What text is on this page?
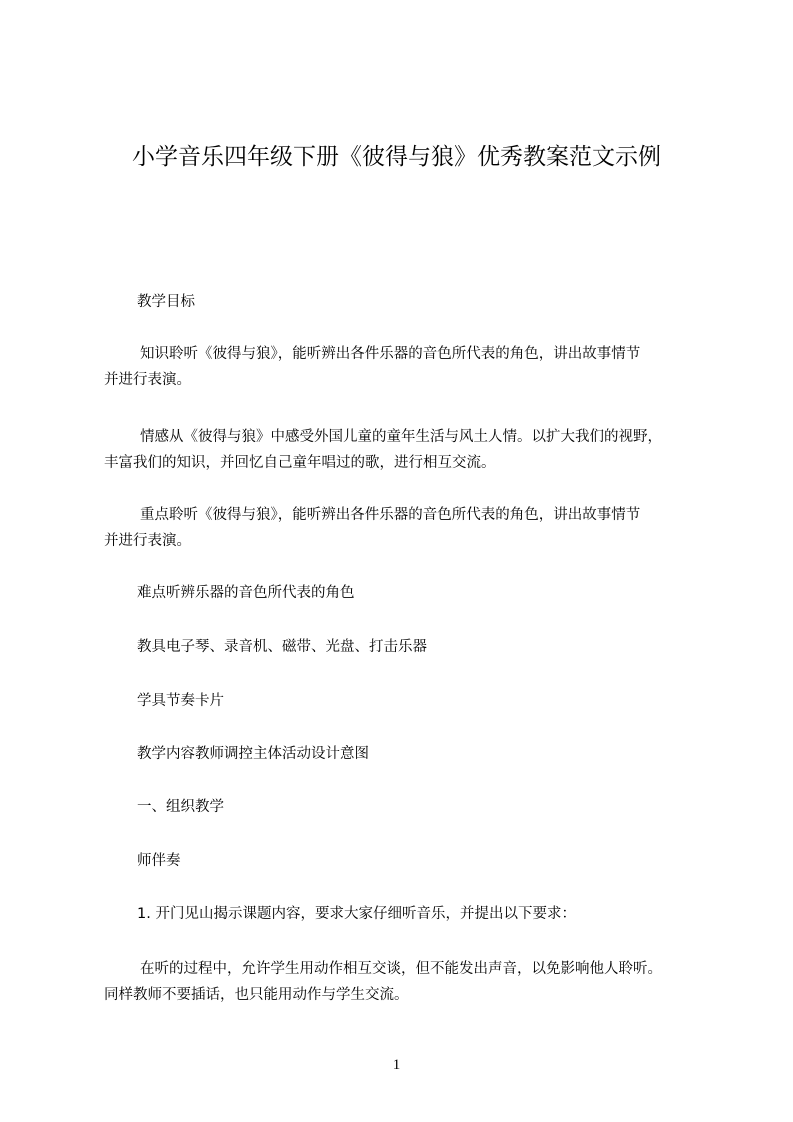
小学音乐四年级下册《彼得与狼》优秀教案范文示例
教学目标
知识聆听《彼得与狼》，能听辨出各件乐器的音色所代表的角色，讲出故事情节
并进行表演。
情感从《彼得与狼》中感受外国儿童的童年生活与风土人情。以扩大我们的视野，
丰富我们的知识，并回忆自己童年唱过的歌，进行相互交流。
重点聆听《彼得与狼》，能听辨出各件乐器的音色所代表的角色，讲出故事情节
并进行表演。
难点听辨乐器的音色所代表的角色
教具电子琴、录音机、磁带、光盘、打击乐器
学具节奏卡片
教学内容教师调控主体活动设计意图
一、组织教学
师伴奏
1. 开门见山揭示课题内容，要求大家仔细听音乐，并提出以下要求：
在听的过程中，允许学生用动作相互交谈，但不能发出声音，以免影响他人聆听。
同样教师不要插话，也只能用动作与学生交流。
1
